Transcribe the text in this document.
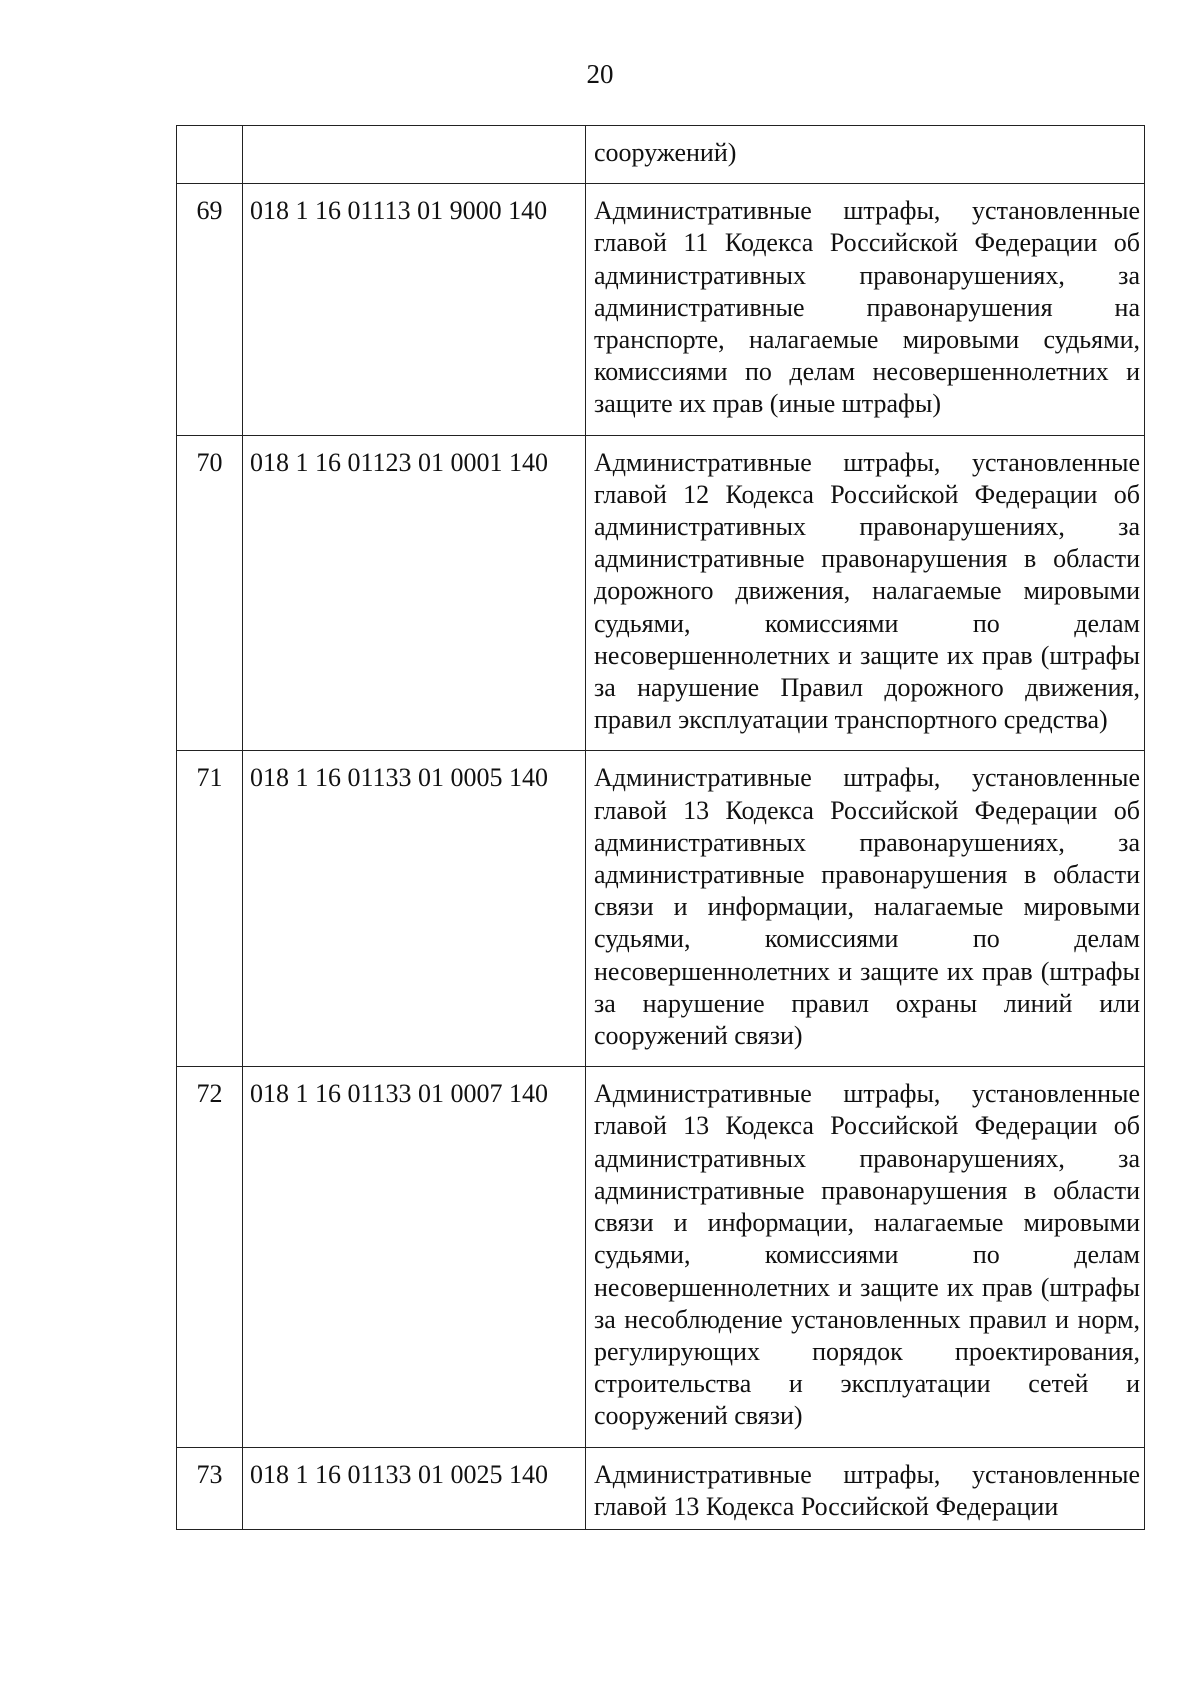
20
		сооружений)
69	018 1 16 01113 01 9000 140	Административные штрафы, установленные главой 11 Кодекса Российской Федерации об административных правонарушениях, за административные правонарушения на транспорте, налагаемые мировыми судьями, комиссиями по делам несовершеннолетних и защите их прав (иные штрафы)
70	018 1 16 01123 01 0001 140	Административные штрафы, установленные главой 12 Кодекса Российской Федерации об административных правонарушениях, за административные правонарушения в области дорожного движения, налагаемые мировыми судьями, комиссиями по делам несовершеннолетних и защите их прав (штрафы за нарушение Правил дорожного движения, правил эксплуатации транспортного средства)
71	018 1 16 01133 01 0005 140	Административные штрафы, установленные главой 13 Кодекса Российской Федерации об административных правонарушениях, за административные правонарушения в области связи и информации, налагаемые мировыми судьями, комиссиями по делам несовершеннолетних и защите их прав (штрафы за нарушение правил охраны линий или сооружений связи)
72	018 1 16 01133 01 0007 140	Административные штрафы, установленные главой 13 Кодекса Российской Федерации об административных правонарушениях, за административные правонарушения в области связи и информации, налагаемые мировыми судьями, комиссиями по делам несовершеннолетних и защите их прав (штрафы за несоблюдение установленных правил и норм, регулирующих порядок проектирования, строительства и эксплуатации сетей и сооружений связи)
73	018 1 16 01133 01 0025 140	Административные штрафы, установленные главой 13 Кодекса Российской Федерации
